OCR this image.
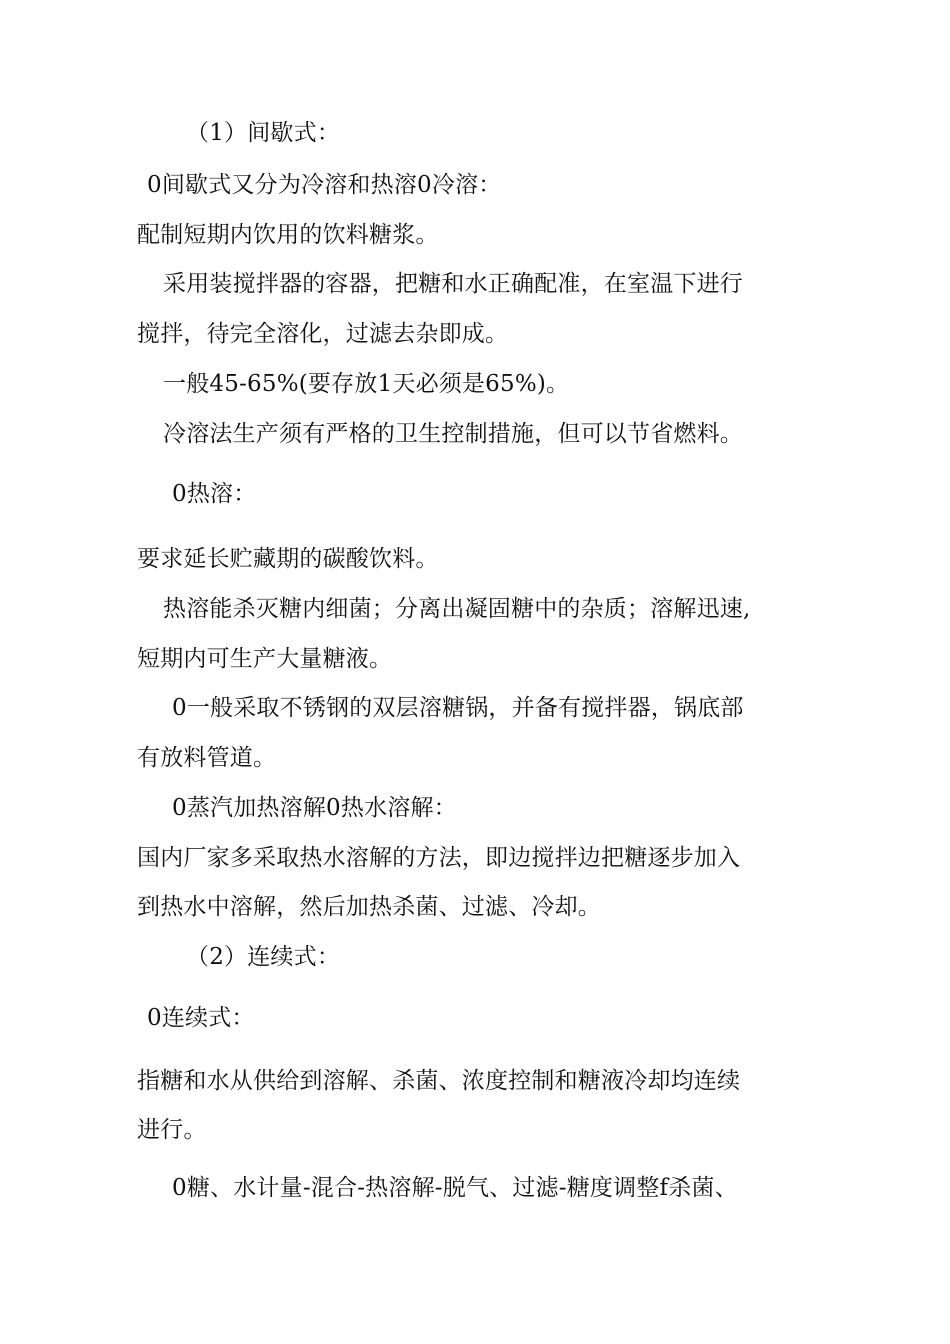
（1）间歇式：
0间歇式又分为冷溶和热溶0冷溶：
配制短期内饮用的饮料糖浆。
采用装搅拌器的容器，把糖和水正确配准，在室温下进行
搅拌，待完全溶化，过滤去杂即成。
一般45-65%(要存放1天必须是65%)。
冷溶法生产须有严格的卫生控制措施，但可以节省燃料。
0热溶：
要求延长贮藏期的碳酸饮料。
热溶能杀灭糖内细菌；分离出凝固糖中的杂质；溶解迅速,
短期内可生产大量糖液。
0一般采取不锈钢的双层溶糖锅，并备有搅拌器，锅底部
有放料管道。
0蒸汽加热溶解0热水溶解：
国内厂家多采取热水溶解的方法，即边搅拌边把糖逐步加入
到热水中溶解，然后加热杀菌、过滤、冷却。
（2）连续式：
0连续式：
指糖和水从供给到溶解、杀菌、浓度控制和糖液冷却均连续
进行。
0糖、水计量-混合-热溶解-脱气、过滤-糖度调整f杀菌、
